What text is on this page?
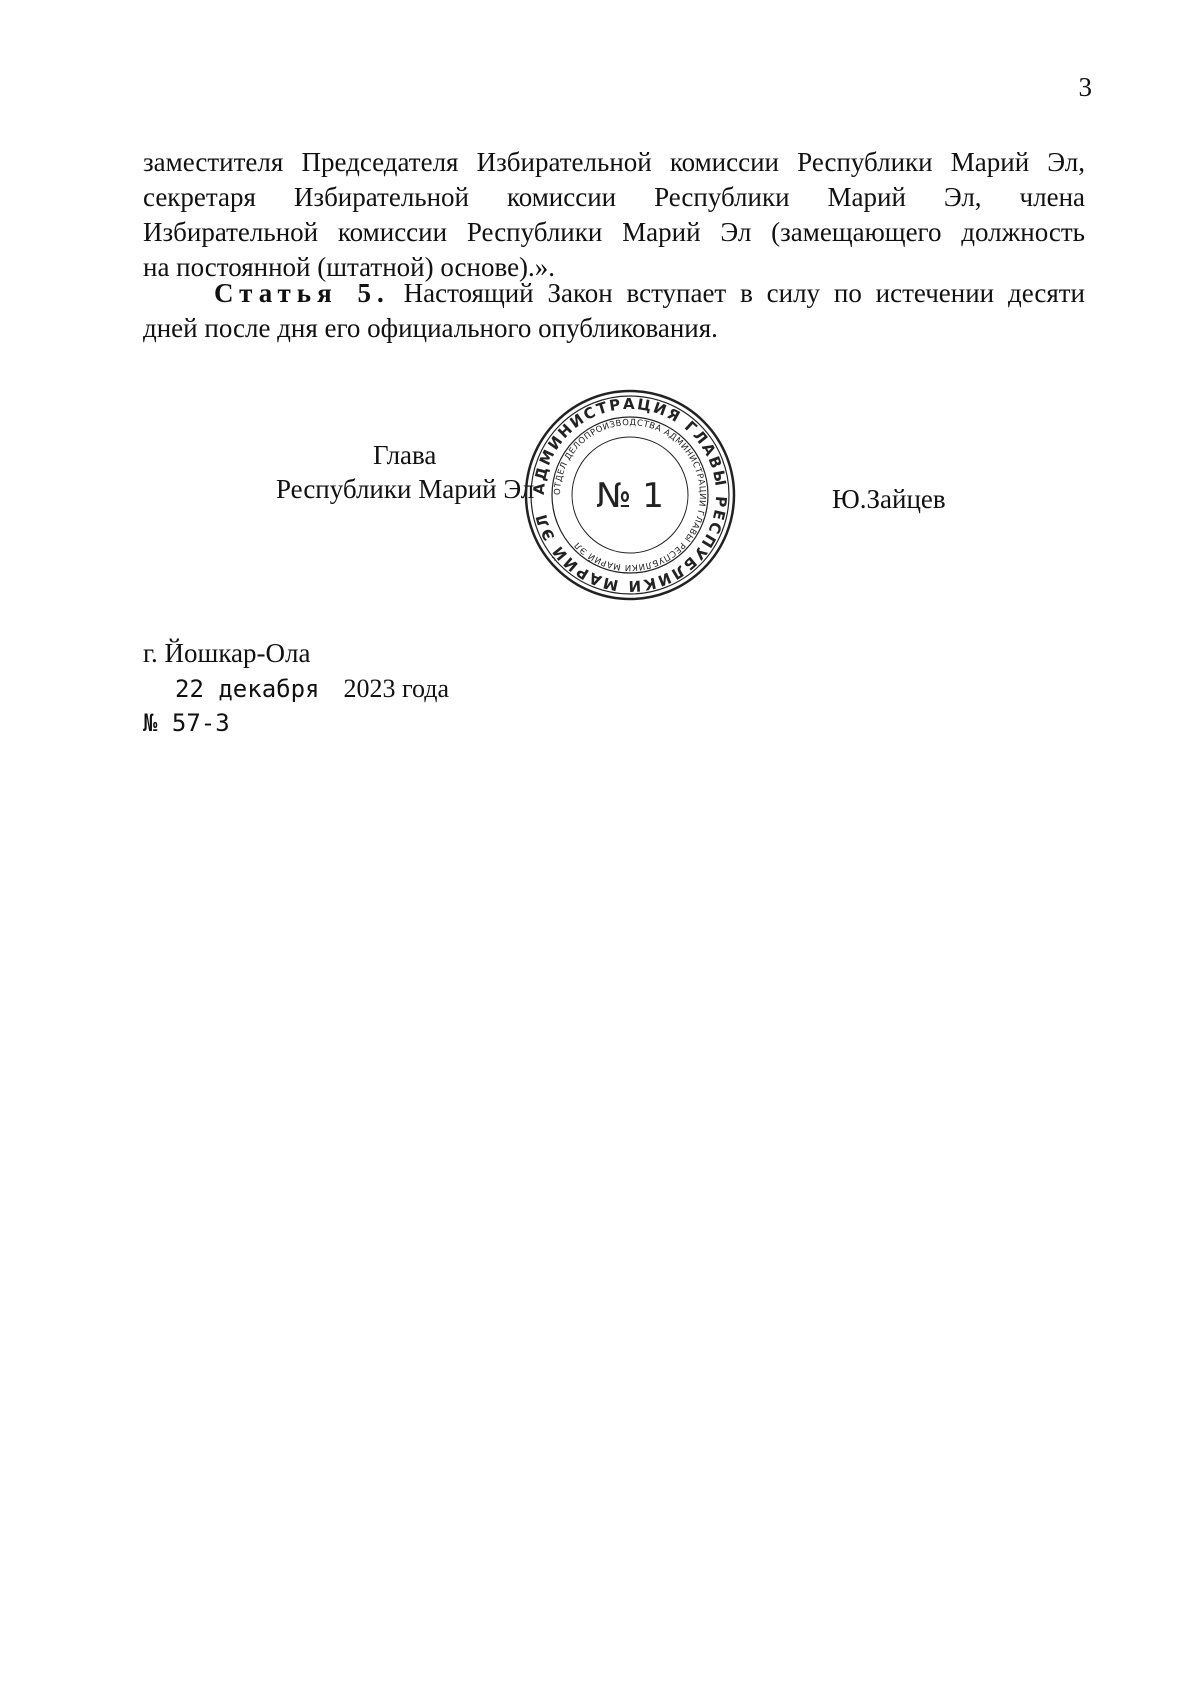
3
заместителя Председателя Избирательной комиссии Республики Марий Эл,
секретаря Избирательной комиссии Республики Марий Эл, члена
Избирательной комиссии Республики Марий Эл (замещающего должность
на постоянной (штатной) основе).».
Статья 5. Настоящий Закон вступает в силу по истечении десяти
дней после дня его официального опубликования.
Глава
Республики Марий Эл
АДМИНИСТРАЦИЯ ГЛАВЫ РЕСПУБЛИКИ МАРИЙ ЭЛ
ОТДЕЛ ДЕЛОПРОИЗВОДСТВА АДМИНИСТРАЦИИ ГЛАВЫ РЕСПУБЛИКИ МАРИЙ ЭЛ
№ 1	Ю.Зайцев
г. Йошкар-Ола
22 декабря 2023 года
№ 57-З
